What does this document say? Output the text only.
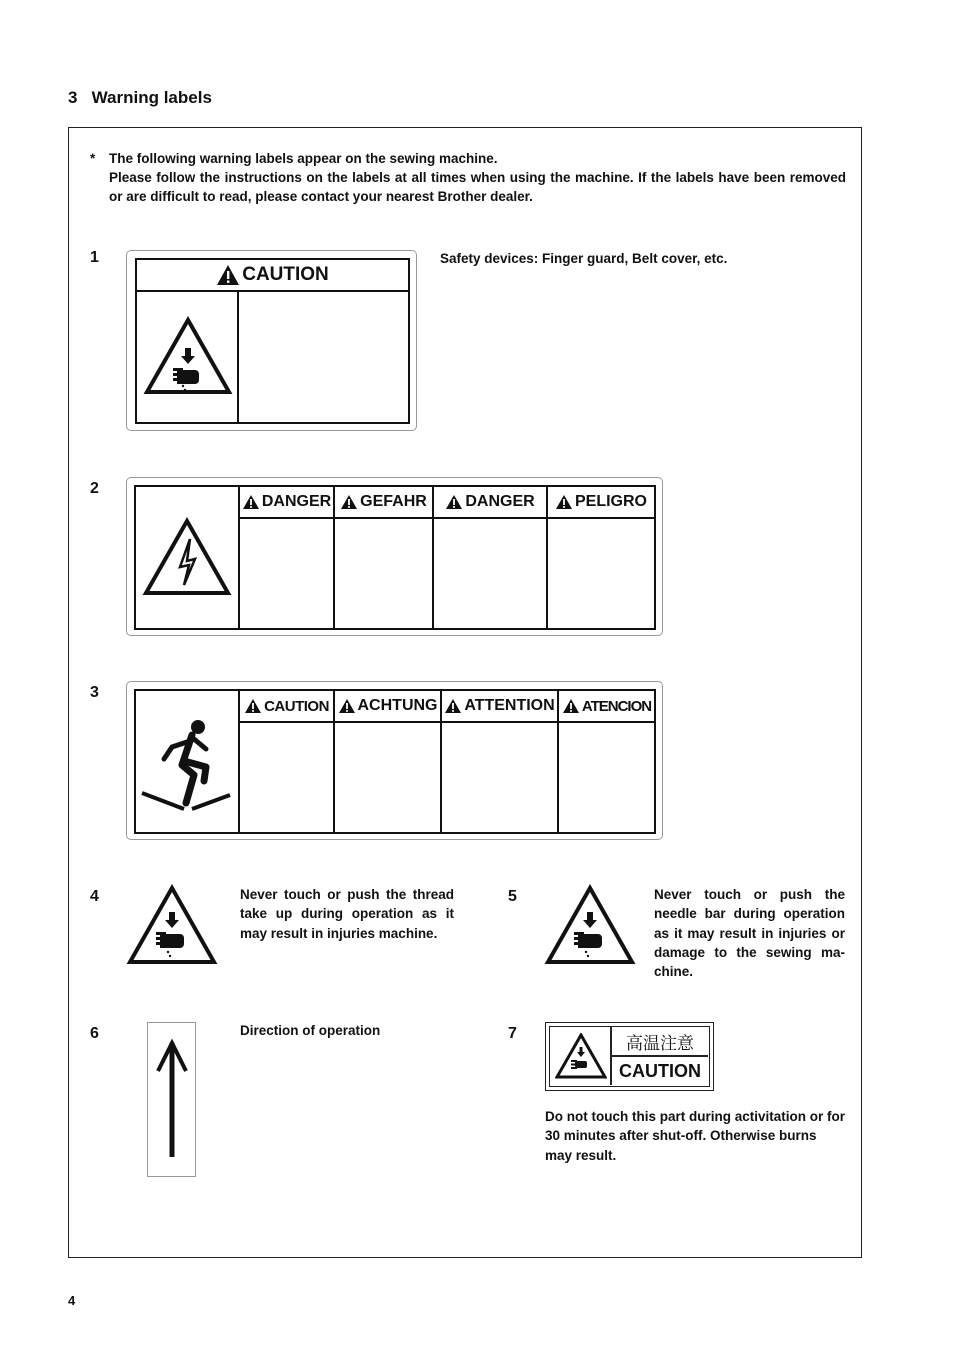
3   Warning labels
* The following warning labels appear on the sewing machine.
Please follow the instructions on the labels at all times when using the machine. If the labels have been removed or are difficult to read, please contact your nearest Brother dealer.
1
CAUTION
Safety devices: Finger guard, Belt cover, etc.
2
DANGER GEFAHR DANGER	PELIGRO
3
CAUTION ACHTUNG ATTENTION ATENCION
4	Never touch or push the thread take up during operation as it may result in injuries machine.
5	Never touch or push the needle bar during operation as it may result in injuries or damage to the sewing ma-chine.
6	Direction of operation	7	高温注意
CAUTION
Do not touch this part during activitation or for 30 minutes after shut-off. Otherwise burns may result.
4
